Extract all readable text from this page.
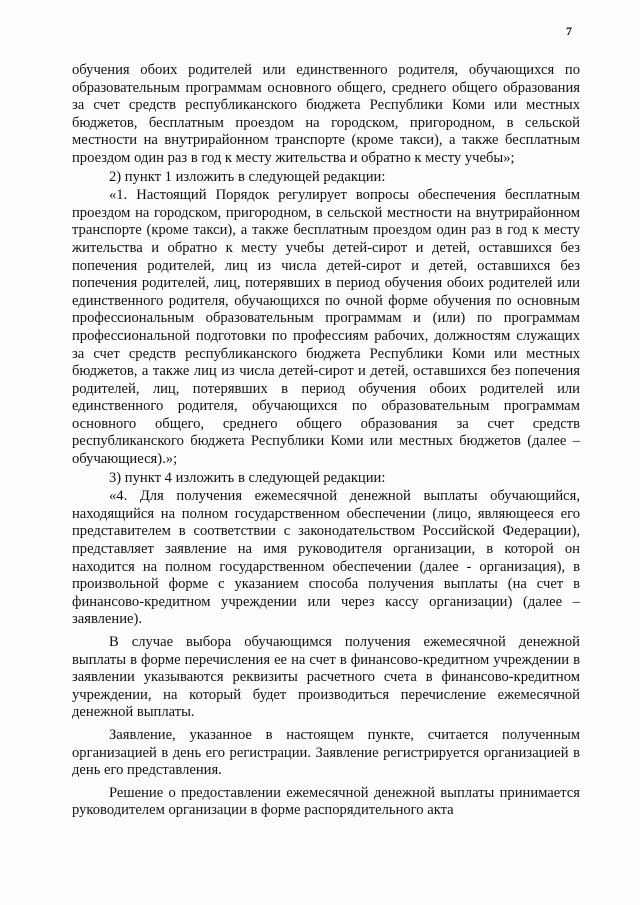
7

обучения обоих родителей или единственного родителя, обучающихся по образовательным программам основного общего, среднего общего образования за счет средств республиканского бюджета Республики Коми или местных бюджетов, бесплатным проездом на городском, пригородном, в сельской местности на внутрирайонном транспорте (кроме такси), а также бесплатным проездом один раз в год к месту жительства и обратно к месту учебы»;

2) пункт 1 изложить в следующей редакции:

«1. Настоящий Порядок регулирует вопросы обеспечения бесплатным проездом на городском, пригородном, в сельской местности на внутрирайонном транспорте (кроме такси), а также бесплатным проездом один раз в год к месту жительства и обратно к месту учебы детей-сирот и детей, оставшихся без попечения родителей, лиц из числа детей-сирот и детей, оставшихся без попечения родителей, лиц, потерявших в период обучения обоих родителей или единственного родителя, обучающихся по очной форме обучения по основным профессиональным образовательным программам и (или) по программам профессиональной подготовки по профессиям рабочих, должностям служащих за счет средств республиканского бюджета Республики Коми или местных бюджетов, а также лиц из числа детей-сирот и детей, оставшихся без попечения родителей, лиц, потерявших в период обучения обоих родителей или единственного родителя, обучающихся по образовательным программам основного общего, среднего общего образования за счет средств республиканского бюджета Республики Коми или местных бюджетов (далее – обучающиеся).»;

3) пункт 4 изложить в следующей редакции:

«4. Для получения ежемесячной денежной выплаты обучающийся, находящийся на полном государственном обеспечении (лицо, являющееся его представителем в соответствии с законодательством Российской Федерации), представляет заявление на имя руководителя организации, в которой он находится на полном государственном обеспечении (далее - организация), в произвольной форме с указанием способа получения выплаты (на счет в финансово-кредитном учреждении или через кассу организации) (далее – заявление).

В случае выбора обучающимся получения ежемесячной денежной выплаты в форме перечисления ее на счет в финансово-кредитном учреждении в заявлении указываются реквизиты расчетного счета в финансово-кредитном учреждении, на который будет производиться перечисление ежемесячной денежной выплаты.

Заявление, указанное в настоящем пункте, считается полученным организацией в день его регистрации. Заявление регистрируется организацией в день его представления.

Решение о предоставлении ежемесячной денежной выплаты принимается руководителем организации в форме распорядительного акта
